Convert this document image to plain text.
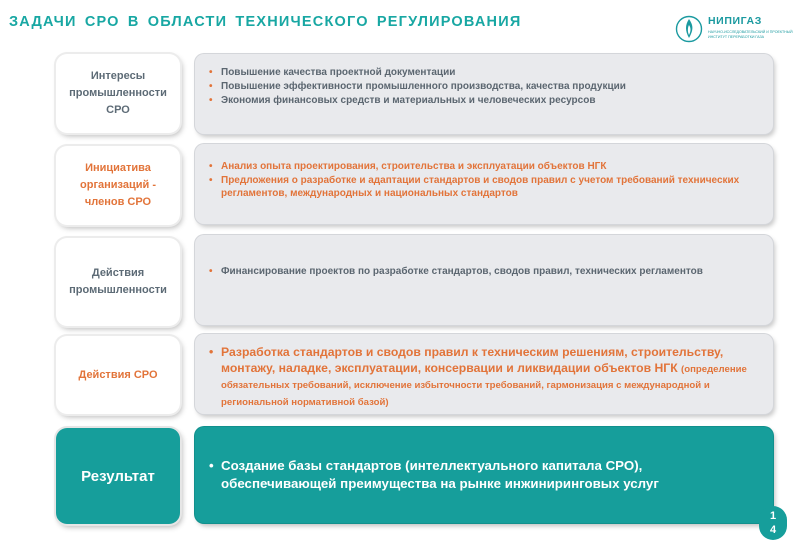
ЗАДАЧИ СРО В ОБЛАСТИ ТЕХНИЧЕСКОГО РЕГУЛИРОВАНИЯ	НИПИГАЗ
НАУЧНО-ИССЛЕДОВАТЕЛЬСКИЙ И ПРОЕКТНЫЙ ИНСТИТУТ ПЕРЕРАБОТКИ ГАЗА
Интересы
промышленности
СРО
• Повышение качества проектной документации
• Повышение эффективности промышленного производства, качества продукции
• Экономия финансовых средств и материальных и человеческих ресурсов
Инициатива
организаций -
членов СРО
• Анализ опыта проектирования, строительства и эксплуатации объектов НГК
• Предложения о разработке и адаптации стандартов и сводов правил с учетом требований технических регламентов, международных и национальных стандартов
Действия
промышленности
• Финансирование проектов по разработке стандартов, сводов правил, технических регламентов
Действия СРО
• Разработка стандартов и сводов правил к техническим решениям, строительству, монтажу, наладке, эксплуатации, консервации и ликвидации объектов НГК (определение обязательных требований, исключение избыточности требований, гармонизация с международной и региональной нормативной базой)
Результат
• Создание базы стандартов (интеллектуального капитала СРО), обеспечивающей преимущества на рынке инжиниринговых услуг
1
4
